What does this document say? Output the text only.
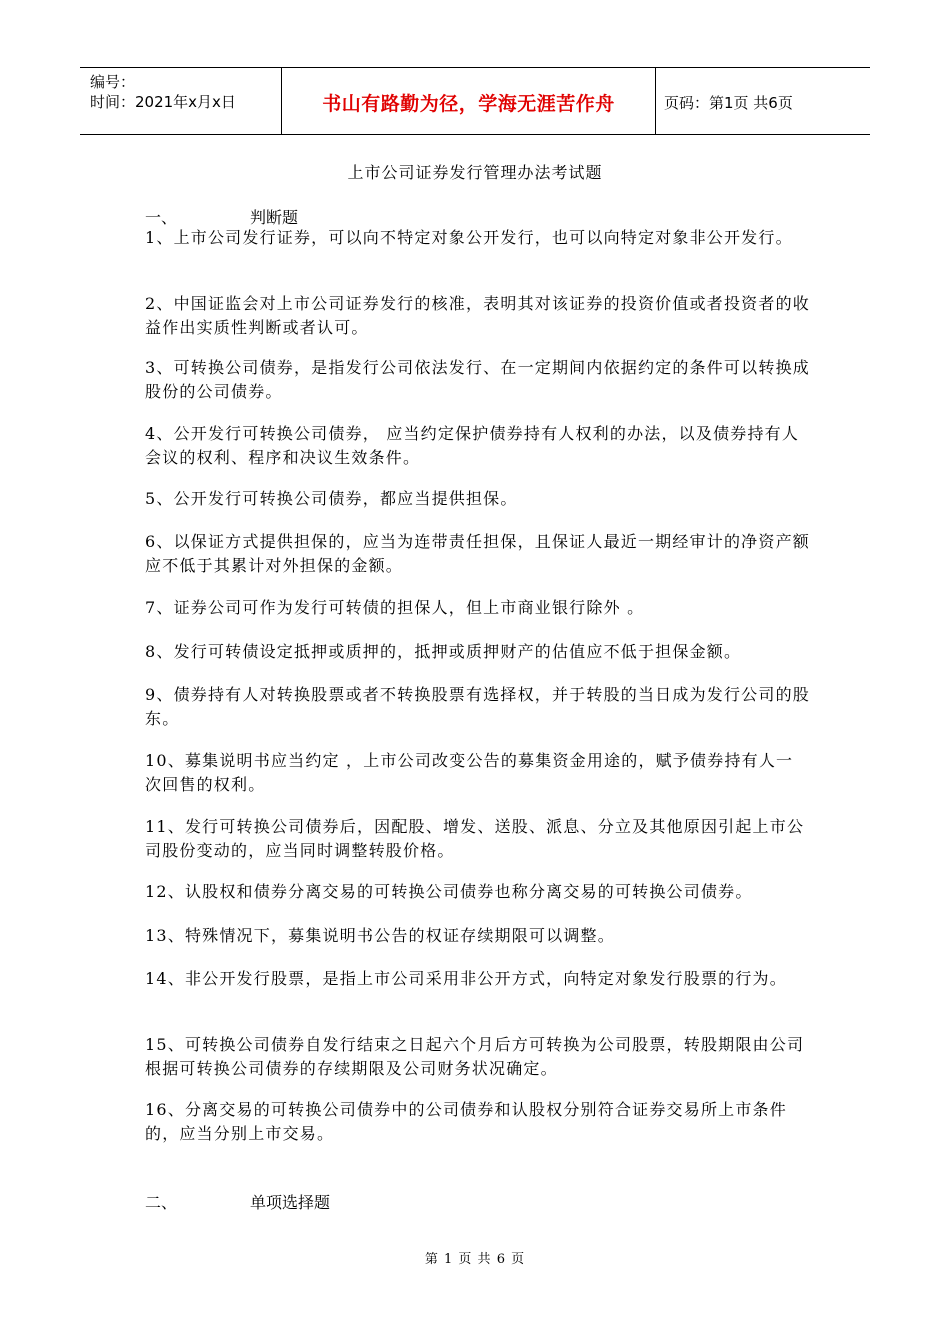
编号：
时间：2021年x月x日	书山有路勤为径，学海无涯苦作舟	页码：第1页 共6页
上市公司证券发行管理办法考试题
一、	判断题

1、上市公司发行证券，可以向不特定对象公开发行，也可以向特定对象非公开发行。

2、中国证监会对上市公司证券发行的核准，表明其对该证券的投资价值或者投资者的收益作出实质性判断或者认可。

3、可转换公司债券，是指发行公司依法发行、在一定期间内依据约定的条件可以转换成股份的公司债券。

4、公开发行可转换公司债券， 应当约定保护债券持有人权利的办法，以及债券持有人会议的权利、程序和决议生效条件。

5、公开发行可转换公司债券，都应当提供担保。

6、以保证方式提供担保的，应当为连带责任担保，且保证人最近一期经审计的净资产额应不低于其累计对外担保的金额。

7、证券公司可作为发行可转债的担保人，但上市商业银行除外 。

8、发行可转债设定抵押或质押的，抵押或质押财产的估值应不低于担保金额。

9、债券持有人对转换股票或者不转换股票有选择权，并于转股的当日成为发行公司的股东。

10、募集说明书应当约定 ，上市公司改变公告的募集资金用途的，赋予债券持有人一次回售的权利。

11、发行可转换公司债券后，因配股、增发、送股、派息、分立及其他原因引起上市公司股份变动的，应当同时调整转股价格。

12、认股权和债券分离交易的可转换公司债券也称分离交易的可转换公司债券。

13、特殊情况下，募集说明书公告的权证存续期限可以调整。

14、非公开发行股票，是指上市公司采用非公开方式，向特定对象发行股票的行为。

15、可转换公司债券自发行结束之日起六个月后方可转换为公司股票，转股期限由公司根据可转换公司债券的存续期限及公司财务状况确定。

16、分离交易的可转换公司债券中的公司债券和认股权分别符合证券交易所上市条件的，应当分别上市交易。

二、	单项选择题
第 1 页 共 6 页
